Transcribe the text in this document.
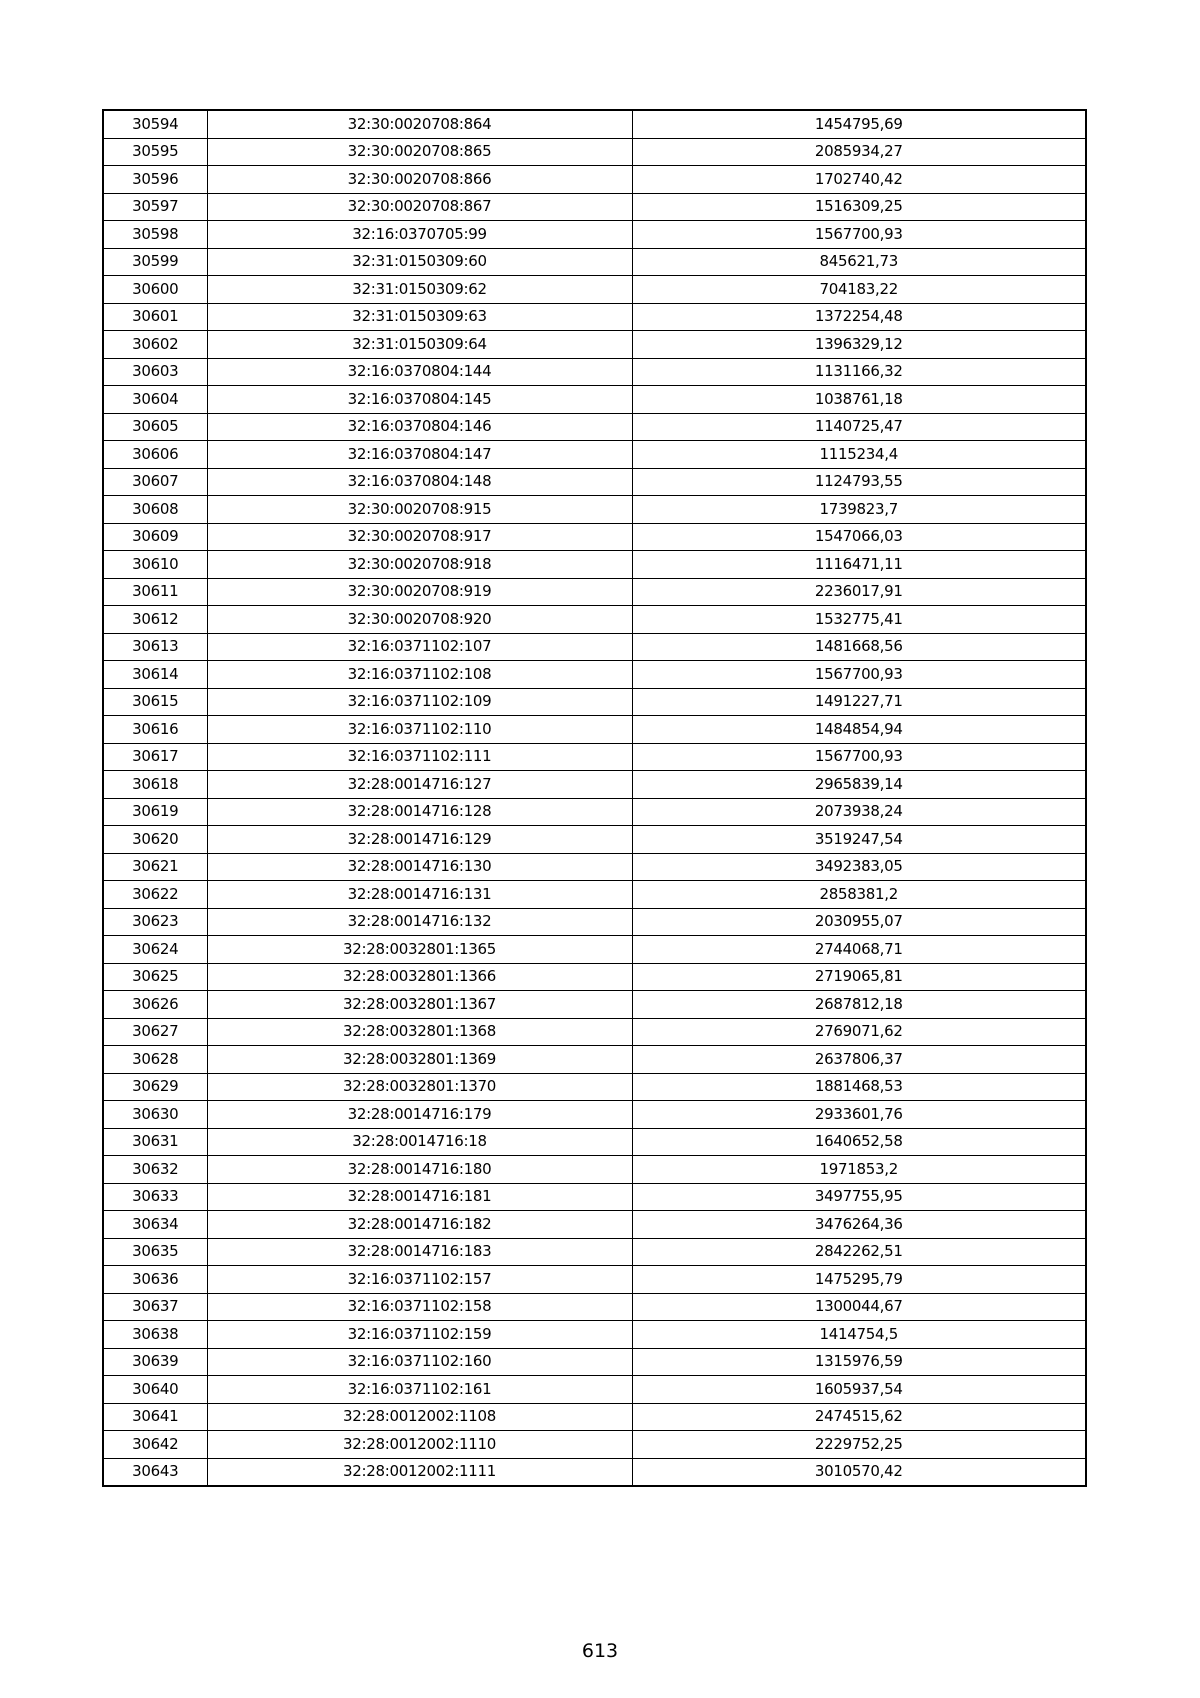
30594	32:30:0020708:864	1454795,69
30595	32:30:0020708:865	2085934,27
30596	32:30:0020708:866	1702740,42
30597	32:30:0020708:867	1516309,25
30598	32:16:0370705:99	1567700,93
30599	32:31:0150309:60	845621,73
30600	32:31:0150309:62	704183,22
30601	32:31:0150309:63	1372254,48
30602	32:31:0150309:64	1396329,12
30603	32:16:0370804:144	1131166,32
30604	32:16:0370804:145	1038761,18
30605	32:16:0370804:146	1140725,47
30606	32:16:0370804:147	1115234,4
30607	32:16:0370804:148	1124793,55
30608	32:30:0020708:915	1739823,7
30609	32:30:0020708:917	1547066,03
30610	32:30:0020708:918	1116471,11
30611	32:30:0020708:919	2236017,91
30612	32:30:0020708:920	1532775,41
30613	32:16:0371102:107	1481668,56
30614	32:16:0371102:108	1567700,93
30615	32:16:0371102:109	1491227,71
30616	32:16:0371102:110	1484854,94
30617	32:16:0371102:111	1567700,93
30618	32:28:0014716:127	2965839,14
30619	32:28:0014716:128	2073938,24
30620	32:28:0014716:129	3519247,54
30621	32:28:0014716:130	3492383,05
30622	32:28:0014716:131	2858381,2
30623	32:28:0014716:132	2030955,07
30624	32:28:0032801:1365	2744068,71
30625	32:28:0032801:1366	2719065,81
30626	32:28:0032801:1367	2687812,18
30627	32:28:0032801:1368	2769071,62
30628	32:28:0032801:1369	2637806,37
30629	32:28:0032801:1370	1881468,53
30630	32:28:0014716:179	2933601,76
30631	32:28:0014716:18	1640652,58
30632	32:28:0014716:180	1971853,2
30633	32:28:0014716:181	3497755,95
30634	32:28:0014716:182	3476264,36
30635	32:28:0014716:183	2842262,51
30636	32:16:0371102:157	1475295,79
30637	32:16:0371102:158	1300044,67
30638	32:16:0371102:159	1414754,5
30639	32:16:0371102:160	1315976,59
30640	32:16:0371102:161	1605937,54
30641	32:28:0012002:1108	2474515,62
30642	32:28:0012002:1110	2229752,25
30643	32:28:0012002:1111	3010570,42
613
